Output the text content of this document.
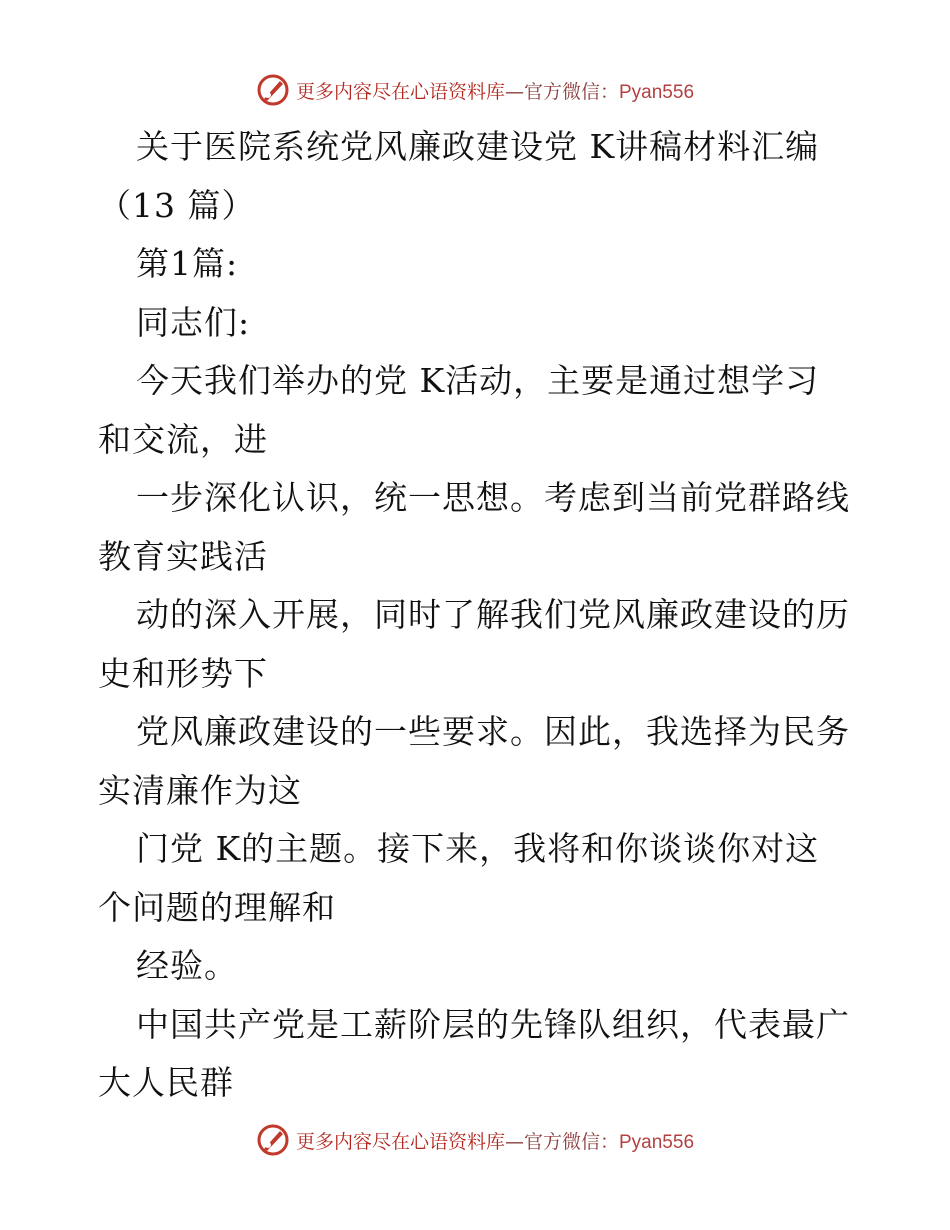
更多内容尽在心语资料库—官方微信：Pyan556
关于医院系统党风廉政建设党 K讲稿材料汇编
（13 篇）
第1篇:
同志们:
今天我们举办的党 K活动，主要是通过想学习
和交流，进
一步深化认识，统一思想。考虑到当前党群路线
教育实践活
动的深入开展，同时了解我们党风廉政建设的历
史和形势下
党风廉政建设的一些要求。因此，我选择为民务
实清廉作为这
门党 K的主题。接下来，我将和你谈谈你对这
个问题的理解和
经验。
中国共产党是工薪阶层的先锋队组织，代表最广
大人民群
更多内容尽在心语资料库—官方微信：Pyan556
